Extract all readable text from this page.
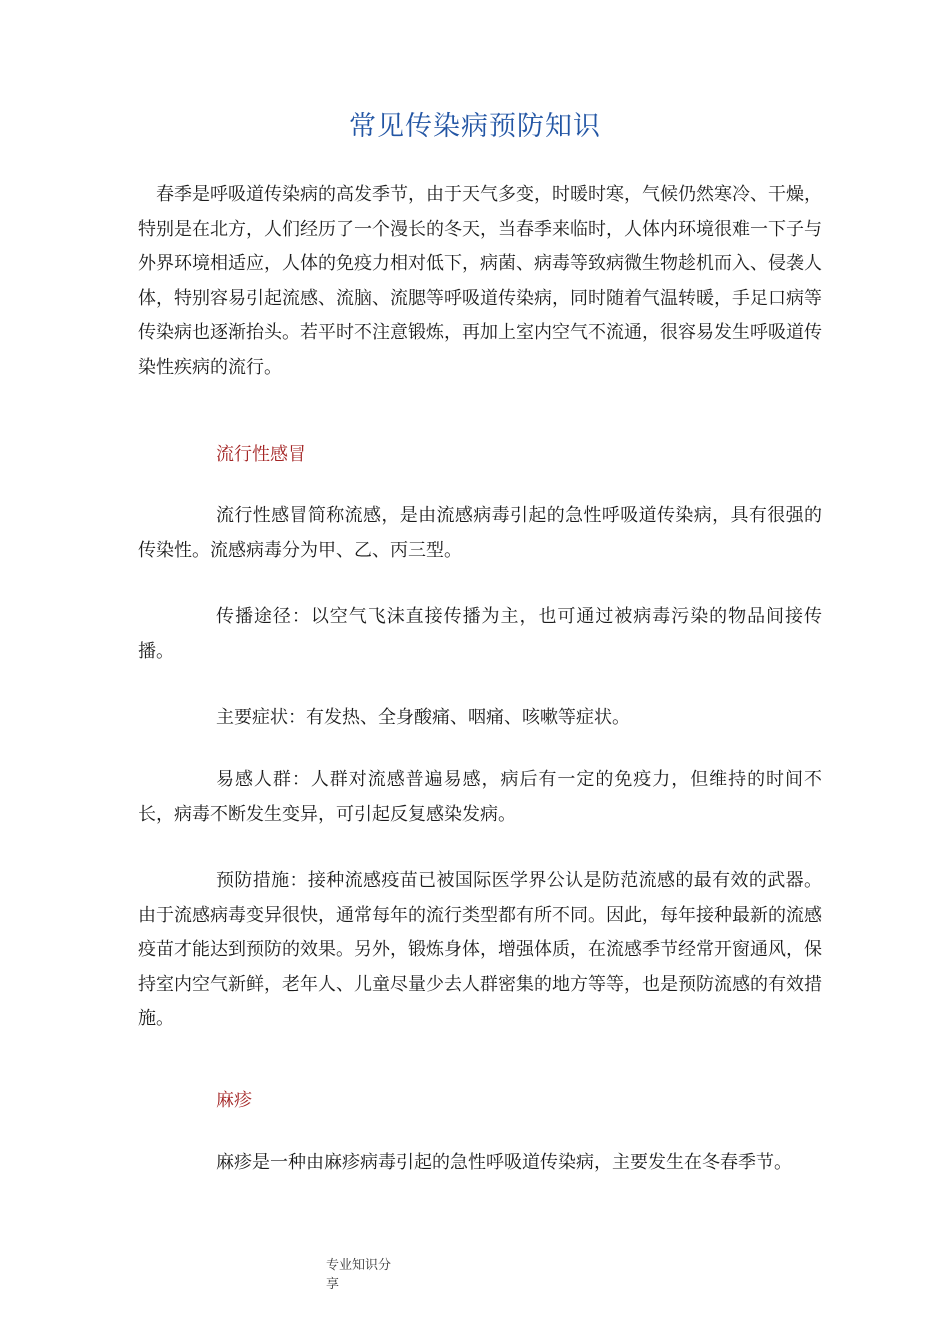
常见传染病预防知识
春季是呼吸道传染病的高发季节，由于天气多变，时暖时寒，气候仍然寒冷、干燥，特别是在北方，人们经历了一个漫长的冬天，当春季来临时，人体内环境很难一下子与外界环境相适应，人体的免疫力相对低下，病菌、病毒等致病微生物趁机而入、侵袭人体，特别容易引起流感、流脑、流腮等呼吸道传染病，同时随着气温转暖，手足口病等传染病也逐渐抬头。若平时不注意锻炼，再加上室内空气不流通，很容易发生呼吸道传染性疾病的流行。
流行性感冒
流行性感冒简称流感，是由流感病毒引起的急性呼吸道传染病，具有很强的传染性。流感病毒分为甲、乙、丙三型。
传播途径：以空气飞沫直接传播为主，也可通过被病毒污染的物品间接传播。
主要症状：有发热、全身酸痛、咽痛、咳嗽等症状。
易感人群：人群对流感普遍易感，病后有一定的免疫力，但维持的时间不长，病毒不断发生变异，可引起反复感染发病。
预防措施：接种流感疫苗已被国际医学界公认是防范流感的最有效的武器。由于流感病毒变异很快，通常每年的流行类型都有所不同。因此，每年接种最新的流感疫苗才能达到预防的效果。另外，锻炼身体，增强体质，在流感季节经常开窗通风，保持室内空气新鲜，老年人、儿童尽量少去人群密集的地方等等，也是预防流感的有效措施。
麻疹
麻疹是一种由麻疹病毒引起的急性呼吸道传染病，主要发生在冬春季节。
专业知识分享
